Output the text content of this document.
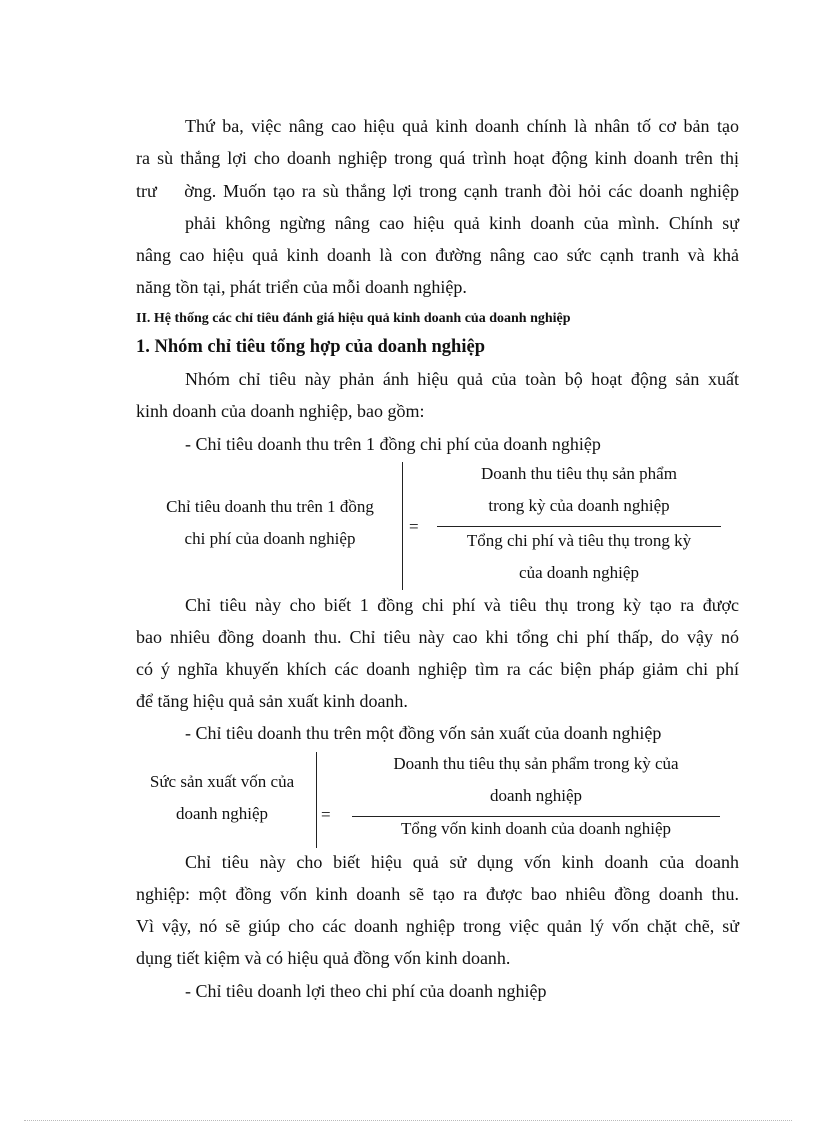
Thứ ba, việc nâng cao hiệu quả kinh doanh chính là nhân tố cơ bản tạo
ra sù thắng lợi cho doanh nghiệp trong quá trình hoạt động kinh doanh trên thị
trư    ờng. Muốn tạo ra sù thắng lợi trong cạnh tranh đòi hỏi các doanh nghiệp
phải không ngừng nâng cao hiệu quả kinh doanh của mình. Chính sự
nâng cao hiệu quả kinh doanh là con đường nâng cao sức cạnh tranh và khả
năng tồn tại, phát triển của mỗi doanh nghiệp.
II. Hệ thống các chỉ tiêu đánh giá hiệu quả kinh doanh của doanh nghiệp
1. Nhóm chỉ tiêu tổng hợp của doanh nghiệp
Nhóm chỉ tiêu này phản ánh hiệu quả của toàn bộ hoạt động sản xuất
kinh doanh của doanh nghiệp, bao gồm:
- Chỉ tiêu doanh thu trên 1 đồng chi phí của doanh nghiệp
Chỉ tiêu doanh thu trên 1 đồng
chi phí của doanh nghiệp
=
Doanh thu tiêu thụ sản phẩm
trong kỳ của doanh nghiệp
Tổng chi phí và tiêu thụ trong kỳ
của doanh nghiệp
Chỉ tiêu này cho biết 1 đồng chi phí và tiêu thụ trong kỳ tạo ra được
bao nhiêu đồng doanh thu. Chỉ tiêu này cao khi tổng chi phí thấp, do vậy nó
có ý nghĩa khuyến khích các doanh nghiệp tìm ra các biện pháp giảm chi phí
để tăng hiệu quả sản xuất kinh doanh.
- Chỉ tiêu doanh thu trên một đồng vốn sản xuất của doanh nghiệp
Sức sản xuất vốn của
doanh nghiệp	=
Doanh thu tiêu thụ sản phẩm trong kỳ của
doanh nghiệp
Tổng vốn kinh doanh của doanh nghiệp
Chỉ tiêu này cho biết hiệu quả sử dụng vốn kinh doanh của doanh
nghiệp: một đồng vốn kinh doanh sẽ tạo ra được bao nhiêu đồng doanh thu.
Vì vậy, nó sẽ giúp cho các doanh nghiệp trong việc quản lý vốn chặt chẽ, sử
dụng tiết kiệm và có hiệu quả đồng vốn kinh doanh.
- Chỉ tiêu doanh lợi theo chi phí của doanh nghiệp
